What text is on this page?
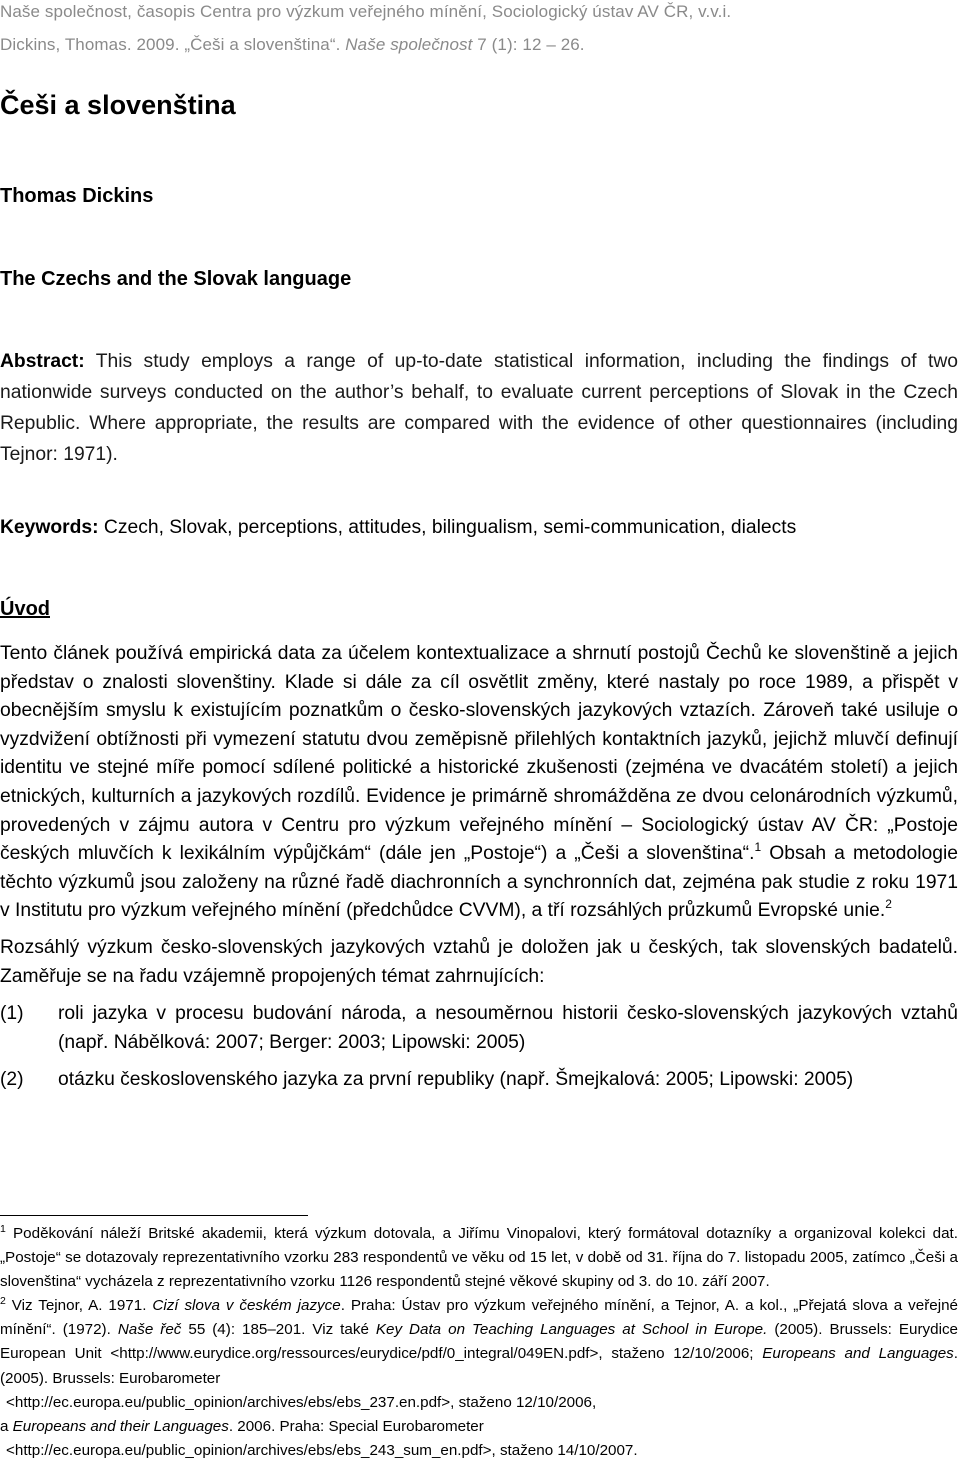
Naše společnost, časopis Centra pro výzkum veřejného mínění, Sociologický ústav AV ČR, v.v.i.
Dickins, Thomas. 2009. „Češi a slovenština“. Naše společnost 7 (1): 12 – 26.
Češi a slovenština
Thomas Dickins
The Czechs and the Slovak language
Abstract: This study employs a range of up-to-date statistical information, including the findings of two nationwide surveys conducted on the author’s behalf, to evaluate current perceptions of Slovak in the Czech Republic. Where appropriate, the results are compared with the evidence of other questionnaires (including Tejnor: 1971).
Keywords: Czech, Slovak, perceptions, attitudes, bilingualism, semi-communication, dialects
Úvod

Tento článek používá empirická data za účelem kontextualizace a shrnutí postojů Čechů ke slovenštině a jejich představ o znalosti slovenštiny. Klade si dále za cíl osvětlit změny, které nastaly po roce 1989, a přispět v obecnějším smyslu k existujícím poznatkům o česko-slovenských jazykových vztazích. Zároveň také usiluje o vyzdvižení obtížnosti při vymezení statutu dvou zeměpisně přilehlých kontaktních jazyků, jejichž mluvčí definují identitu ve stejné míře pomocí sdílené politické a historické zkušenosti (zejména ve dvacátém století) a jejich etnických, kulturních a jazykových rozdílů. Evidence je primárně shromážděna ze dvou celonárodních výzkumů, provedených v zájmu autora v Centru pro výzkum veřejného mínění – Sociologický ústav AV ČR: „Postoje českých mluvčích k lexikálním výpůjčkám“ (dále jen „Postoje“) a „Češi a slovenština“.$^1$ Obsah a metodologie těchto výzkumů jsou založeny na různé řadě diachronních a synchronních dat, zejména pak studie z roku 1971 v Institutu pro výzkum veřejného mínění (předchůdce CVVM), a tří rozsáhlých průzkumů Evropské unie.$^2$

Rozsáhlý výzkum česko-slovenských jazykových vztahů je doložen jak u českých, tak slovenských badatelů. Zaměřuje se na řadu vzájemně propojených témat zahrnujících:

(1) roli jazyka v procesu budování národa, a nesouměrnou historii česko-slovenských jazykových vztahů (např. Nábělková: 2007; Berger: 2003; Lipowski: 2005)
(2) otázku československého jazyka za první republiky (např. Šmejkalová: 2005; Lipowski: 2005)

$^1$ Poděkování náleží Britské akademii, která výzkum dotovala, a Jiřímu Vinopalovi, který formátoval dotazníky a organizoval kolekci dat. „Postoje“ se dotazovaly reprezentativního vzorku 283 respondentů ve věku od 15 let, v době od 31. října do 7. listopadu 2005, zatímco „Češi a slovenština“ vycházela z reprezentativního vzorku 1126 respondentů stejné věkové skupiny od 3. do 10. září 2007.

$^2$ Viz Tejnor, A. 1971. Cizí slova v českém jazyce. Praha: Ústav pro výzkum veřejného mínění, a Tejnor, A. a kol., „Přejatá slova a veřejné mínění“. (1972). Naše řeč 55 (4): 185–201. Viz také Key Data on Teaching Languages at School in Europe. (2005). Brussels: Eurydice European Unit <http://www.eurydice.org/ressources/eurydice/pdf/0_integral/049EN.pdf>, staženo 12/10/2006; Europeans and Languages. (2005). Brussels: Eurobarometer

<http://ec.europa.eu/public_opinion/archives/ebs/ebs_237.en.pdf>, staženo 12/10/2006,

a Europeans and their Languages. 2006. Praha: Special Eurobarometer

<http://ec.europa.eu/public_opinion/archives/ebs/ebs_243_sum_en.pdf>, staženo 14/10/2007.
